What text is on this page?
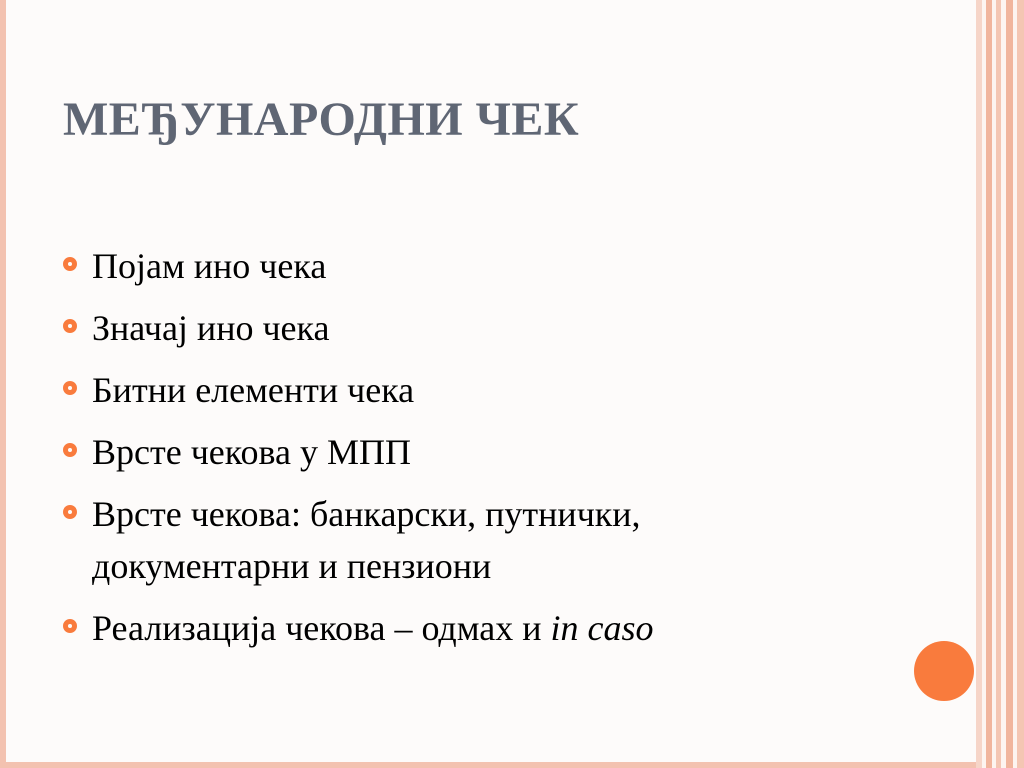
МЕЂУНАРОДНИ ЧЕК
Појам ино чека
Значај ино чека
Битни елементи чека
Врсте чекова у МПП
Врсте чекова: банкарски, путнички,
документарни и пензиони
Реализација чекова – одмах и in caso
